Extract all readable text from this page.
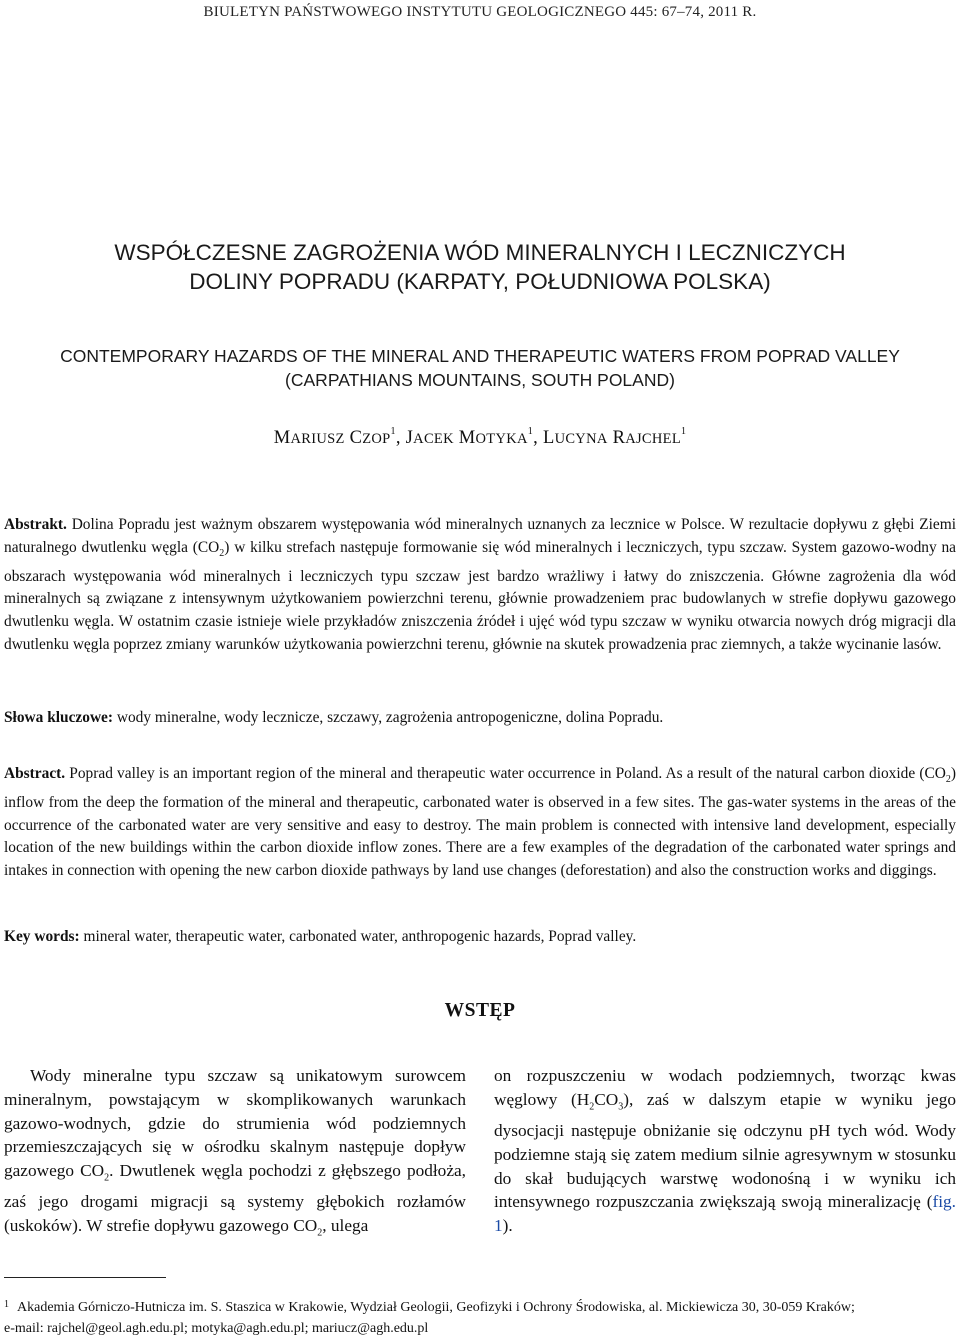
BIULETYN PAŃSTWOWEGO INSTYTUTU GEOLOGICZNEGO 445: 67–74, 2011 R.
WSPÓŁCZESNE ZAGROŻENIA WÓD MINERALNYCH I LECZNICZYCH
DOLINY POPRADU (KARPATY, POŁUDNIOWA POLSKA)
CONTEMPORARY HAZARDS OF THE MINERAL AND THERAPEUTIC WATERS FROM POPRAD VALLEY
(CARPATHIANS MOUNTAINS, SOUTH POLAND)
MARIUSZ CZOP$^1$, JACEK MOTYKA$^1$, LUCYNA RAJCHEL$^1$
Abstrakt. Dolina Popradu jest ważnym obszarem występowania wód mineralnych uznanych za lecznice w Polsce. W rezultacie dopływu z głębi Ziemi naturalnego dwutlenku węgla $(CO_2)$ w kilku strefach następuje formowanie się wód mineralnych i leczniczych, typu szczaw. System gazowo-wodny na obszarach występowania wód mineralnych i leczniczych typu szczaw jest bardzo wrażliwy i łatwy do zniszczenia. Główne zagrożenia dla wód mineralnych są związane z intensywnym użytkowaniem powierzchni terenu, głównie prowadzeniem prac budowlanych w strefie dopływu gazowego dwutlenku węgla. W ostatnim czasie istnieje wiele przykładów zniszczenia źródeł i ujęć wód typu szczaw w wyniku otwarcia nowych dróg migracji dla dwutlenku węgla poprzez zmiany warunków użytkowania powierzchni terenu, głównie na skutek prowadzenia prac ziemnych, a także wycinanie lasów.
Słowa kluczowe: wody mineralne, wody lecznicze, szczawy, zagrożenia antropogeniczne, dolina Popradu.
Abstract. Poprad valley is an important region of the mineral and therapeutic water occurrence in Poland. As a result of the natural carbon dioxide $(CO_2)$ inflow from the deep the formation of the mineral and therapeutic, carbonated water is observed in a few sites. The gas-water systems in the areas of the occurrence of the carbonated water are very sensitive and easy to destroy. The main problem is connected with intensive land development, especially location of the new buildings within the carbon dioxide inflow zones. There are a few examples of the degradation of the carbonated water springs and intakes in connection with opening the new carbon dioxide pathways by land use changes (deforestation) and also the construction works and diggings.
Key words: mineral water, therapeutic water, carbonated water, anthropogenic hazards, Poprad valley.
WSTĘP
Wody mineralne typu szczaw są unikatowym surowcem mineralnym, powstającym w skomplikowanych warunkach gazowo-wodnych, gdzie do strumienia wód podziemnych przemieszczających się w ośrodku skalnym następuje dopływ gazowego $CO_2$. Dwutlenek węgla pochodzi z głębszego podłoża, zaś jego drogami migracji są systemy głębokich rozłamów (uskoków). W strefie dopływu gazowego $CO_2$, ulega
on rozpuszczeniu w wodach podziemnych, tworząc kwas węglowy $(H_2CO_3)$, zaś w dalszym etapie w wyniku jego dysocjacji następuje obniżanie się odczynu pH tych wód. Wody podziemne stają się zatem medium silnie agresywnym w stosunku do skał budujących warstwę wodonośną i w wyniku ich intensywnego rozpuszczania zwiększają swoją mineralizację (fig. 1).
$^1$ Akademia Górniczo-Hutnicza im. S. Staszica w Krakowie, Wydział Geologii, Geofizyki i Ochrony Środowiska, al. Mickiewicza 30, 30-059 Kraków;
e-mail: rajchel@geol.agh.edu.pl; motyka@agh.edu.pl; mariucz@agh.edu.pl
